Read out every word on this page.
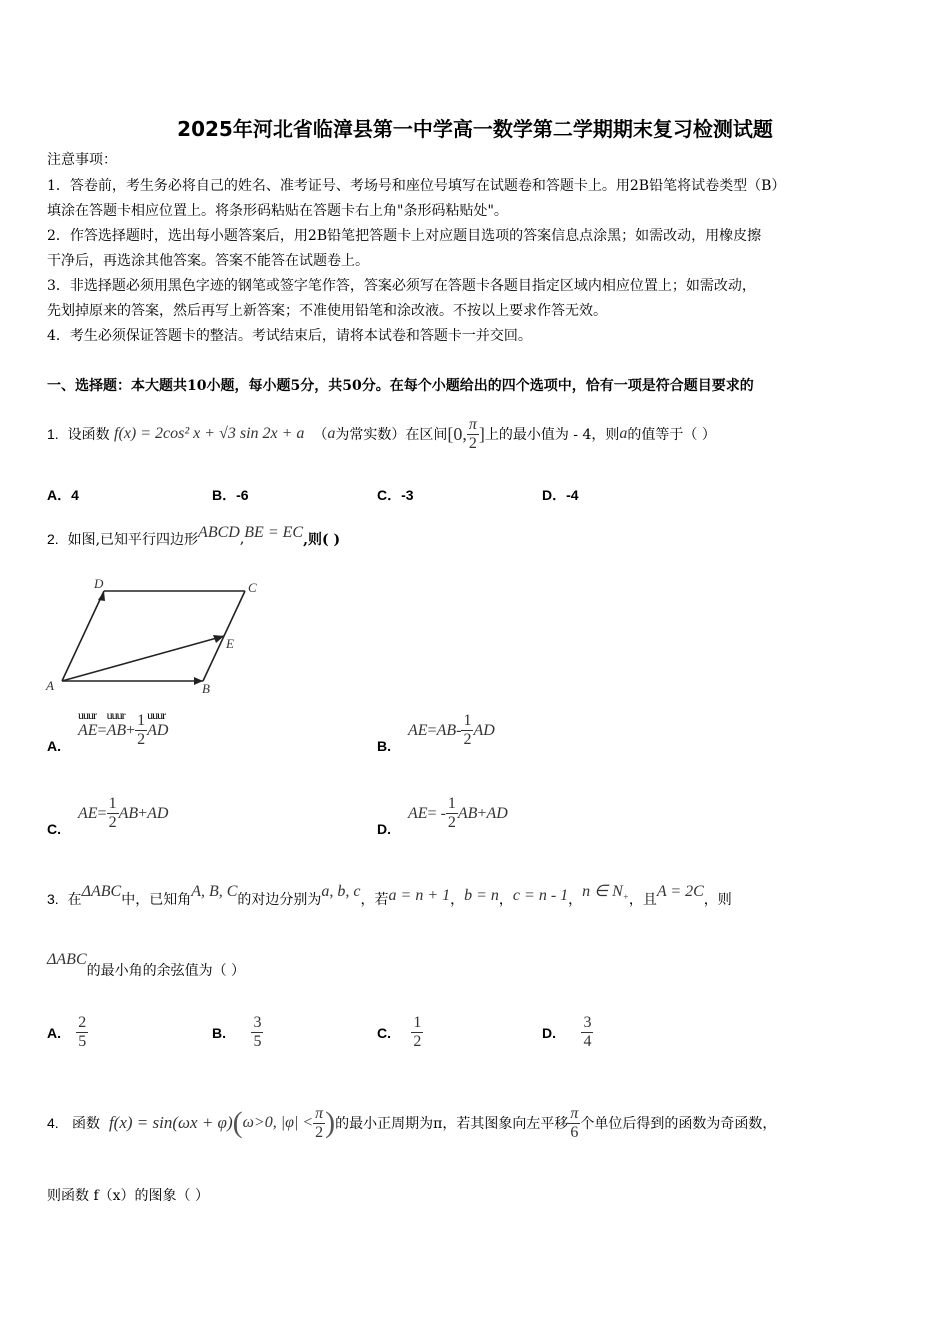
2025年河北省临漳县第一中学高一数学第二学期期末复习检测试题
注意事项：
1．答卷前，考生务必将自己的姓名、准考证号、考场号和座位号填写在试题卷和答题卡上。用2B铅笔将试卷类型（B）
填涂在答题卡相应位置上。将条形码粘贴在答题卡右上角"条形码粘贴处"。
2．作答选择题时，选出每小题答案后，用2B铅笔把答题卡上对应题目选项的答案信息点涂黑；如需改动，用橡皮擦
干净后，再选涂其他答案。答案不能答在试题卷上。
3．非选择题必须用黑色字迹的钢笔或签字笔作答，答案必须写在答题卡各题目指定区域内相应位置上；如需改动，
先划掉原来的答案，然后再写上新答案；不准使用铅笔和涂改液。不按以上要求作答无效。
4．考生必须保证答题卡的整洁。考试结束后，请将本试卷和答题卡一并交回。
一、选择题：本大题共10小题，每小题5分，共50分。在每个小题给出的四个选项中，恰有一项是符合题目要求的
1.
设函数
f(x) = 2cos² x + √3 sin 2x + a
（ a 为常实数）在区间 [0, $\frac{\pi}{2}$ ] 上的最小值为 - 4，则 a 的值等于（ ）
A．4	B．-6	C．-3	D．-4
2.
如图,已知平行四边形 ABCD , BE = EC ,则( )
A	B
C
D
E
A.
uuur AE = uuur AB + $\frac{1}{2}$ uuur AD
B.
AE = AB - $\frac{1}{2}$ AD
C.
AE = $\frac{1}{2}$ AB + AD
D.
AE = - $\frac{1}{2}$ AB + AD
3.
在 ΔABC 中，已知角 A, B, C 的对边分别为 a, b, c ，若 a = n + 1 ， b = n ， c = n - 1 ， n ∈ $N_+$ ，且 A = 2C ，则
ΔABC
的最小角的余弦值为（ ）
A.
$\frac{2}{5}$	B.
$\frac{3}{5}$	C.
$\frac{1}{2}$	D.
$\frac{3}{4}$
4.
函数
f(x) = sin(ωx + φ) ( ω>0, $|\varphi| < \frac{\pi}{2}$ ) 的最小正周期为π，若其图象向左平移 $\frac{\pi}{6}$ 个单位后得到的函数为奇函数，
则函数 f（x）的图象（ ）
